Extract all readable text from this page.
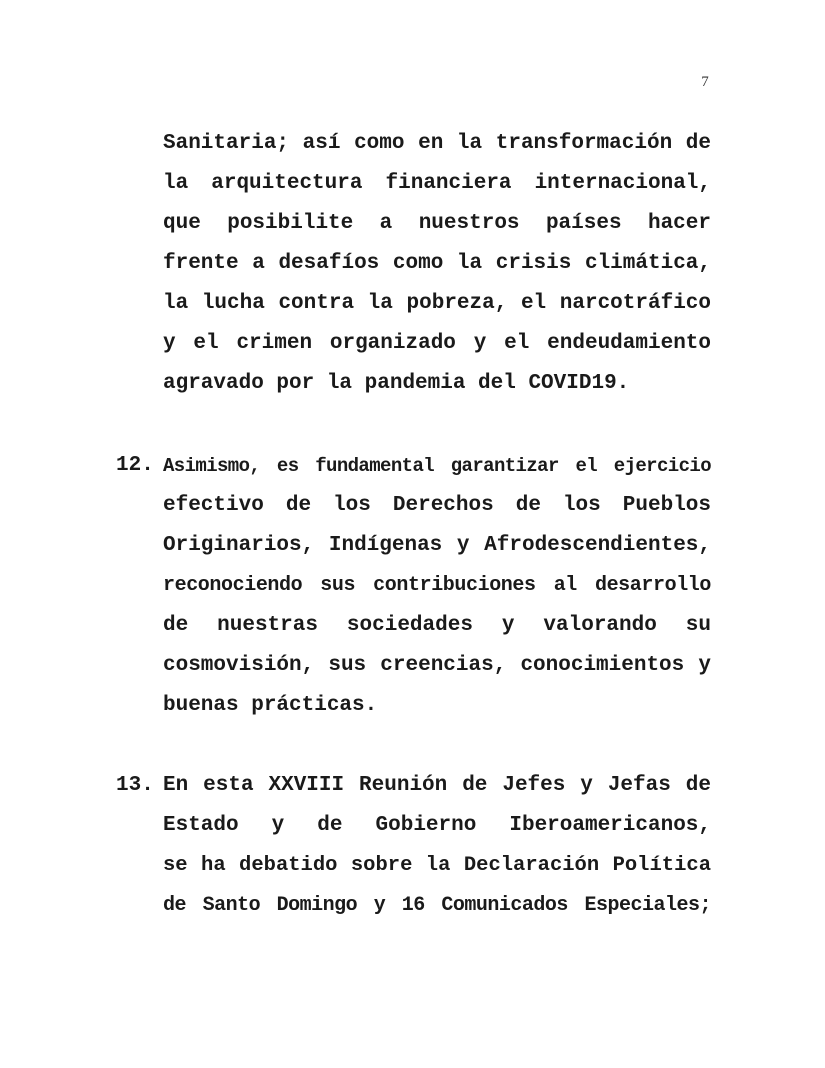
7
Sanitaria; así como en la transformación de
la arquitectura financiera internacional,
que posibilite a nuestros países hacer
frente a desafíos como la crisis climática,
la lucha contra la pobreza, el narcotráfico
y el crimen organizado y el endeudamiento
agravado por la pandemia del COVID19.
12. Asimismo, es fundamental garantizar el ejercicio
efectivo de los Derechos de los Pueblos
Originarios, Indígenas y Afrodescendientes,
reconociendo sus contribuciones al desarrollo
de nuestras sociedades y valorando su
cosmovisión, sus creencias, conocimientos y
buenas prácticas.
13. En esta XXVIII Reunión de Jefes y Jefas de
Estado y de Gobierno Iberoamericanos,
se ha debatido sobre la Declaración Política
de Santo Domingo y 16 Comunicados Especiales;
